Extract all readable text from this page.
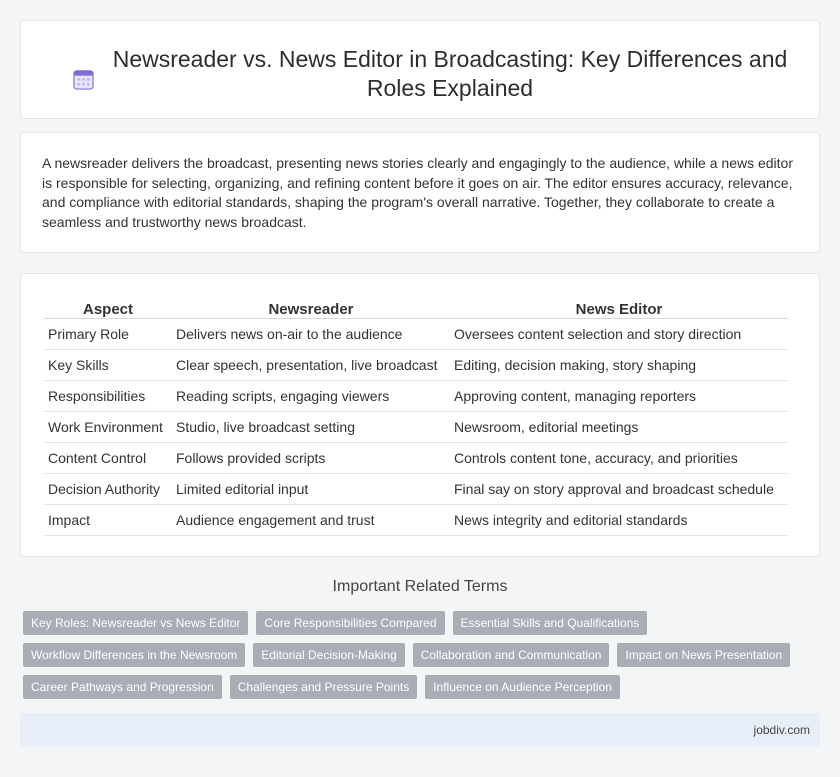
Newsreader vs. News Editor in Broadcasting: Key Differences and Roles Explained

A newsreader delivers the broadcast, presenting news stories clearly and engagingly to the audience, while a news editor is responsible for selecting, organizing, and refining content before it goes on air. The editor ensures accuracy, relevance, and compliance with editorial standards, shaping the program's overall narrative. Together, they collaborate to create a seamless and trustworthy news broadcast.

Aspect	Newsreader	News Editor
Primary Role	Delivers news on-air to the audience	Oversees content selection and story direction
Key Skills	Clear speech, presentation, live broadcast	Editing, decision making, story shaping
Responsibilities	Reading scripts, engaging viewers	Approving content, managing reporters
Work Environment	Studio, live broadcast setting	Newsroom, editorial meetings
Content Control	Follows provided scripts	Controls content tone, accuracy, and priorities
Decision Authority	Limited editorial input	Final say on story approval and broadcast schedule
Impact	Audience engagement and trust	News integrity and editorial standards
Important Related Terms
Key Roles: Newsreader vs News Editor	Core Responsibilities Compared	Essential Skills and Qualifications
Workflow Differences in the Newsroom	Editorial Decision-Making	Collaboration and Communication	Impact on News Presentation
Career Pathways and Progression	Challenges and Pressure Points	Influence on Audience Perception
jobdiv.com
